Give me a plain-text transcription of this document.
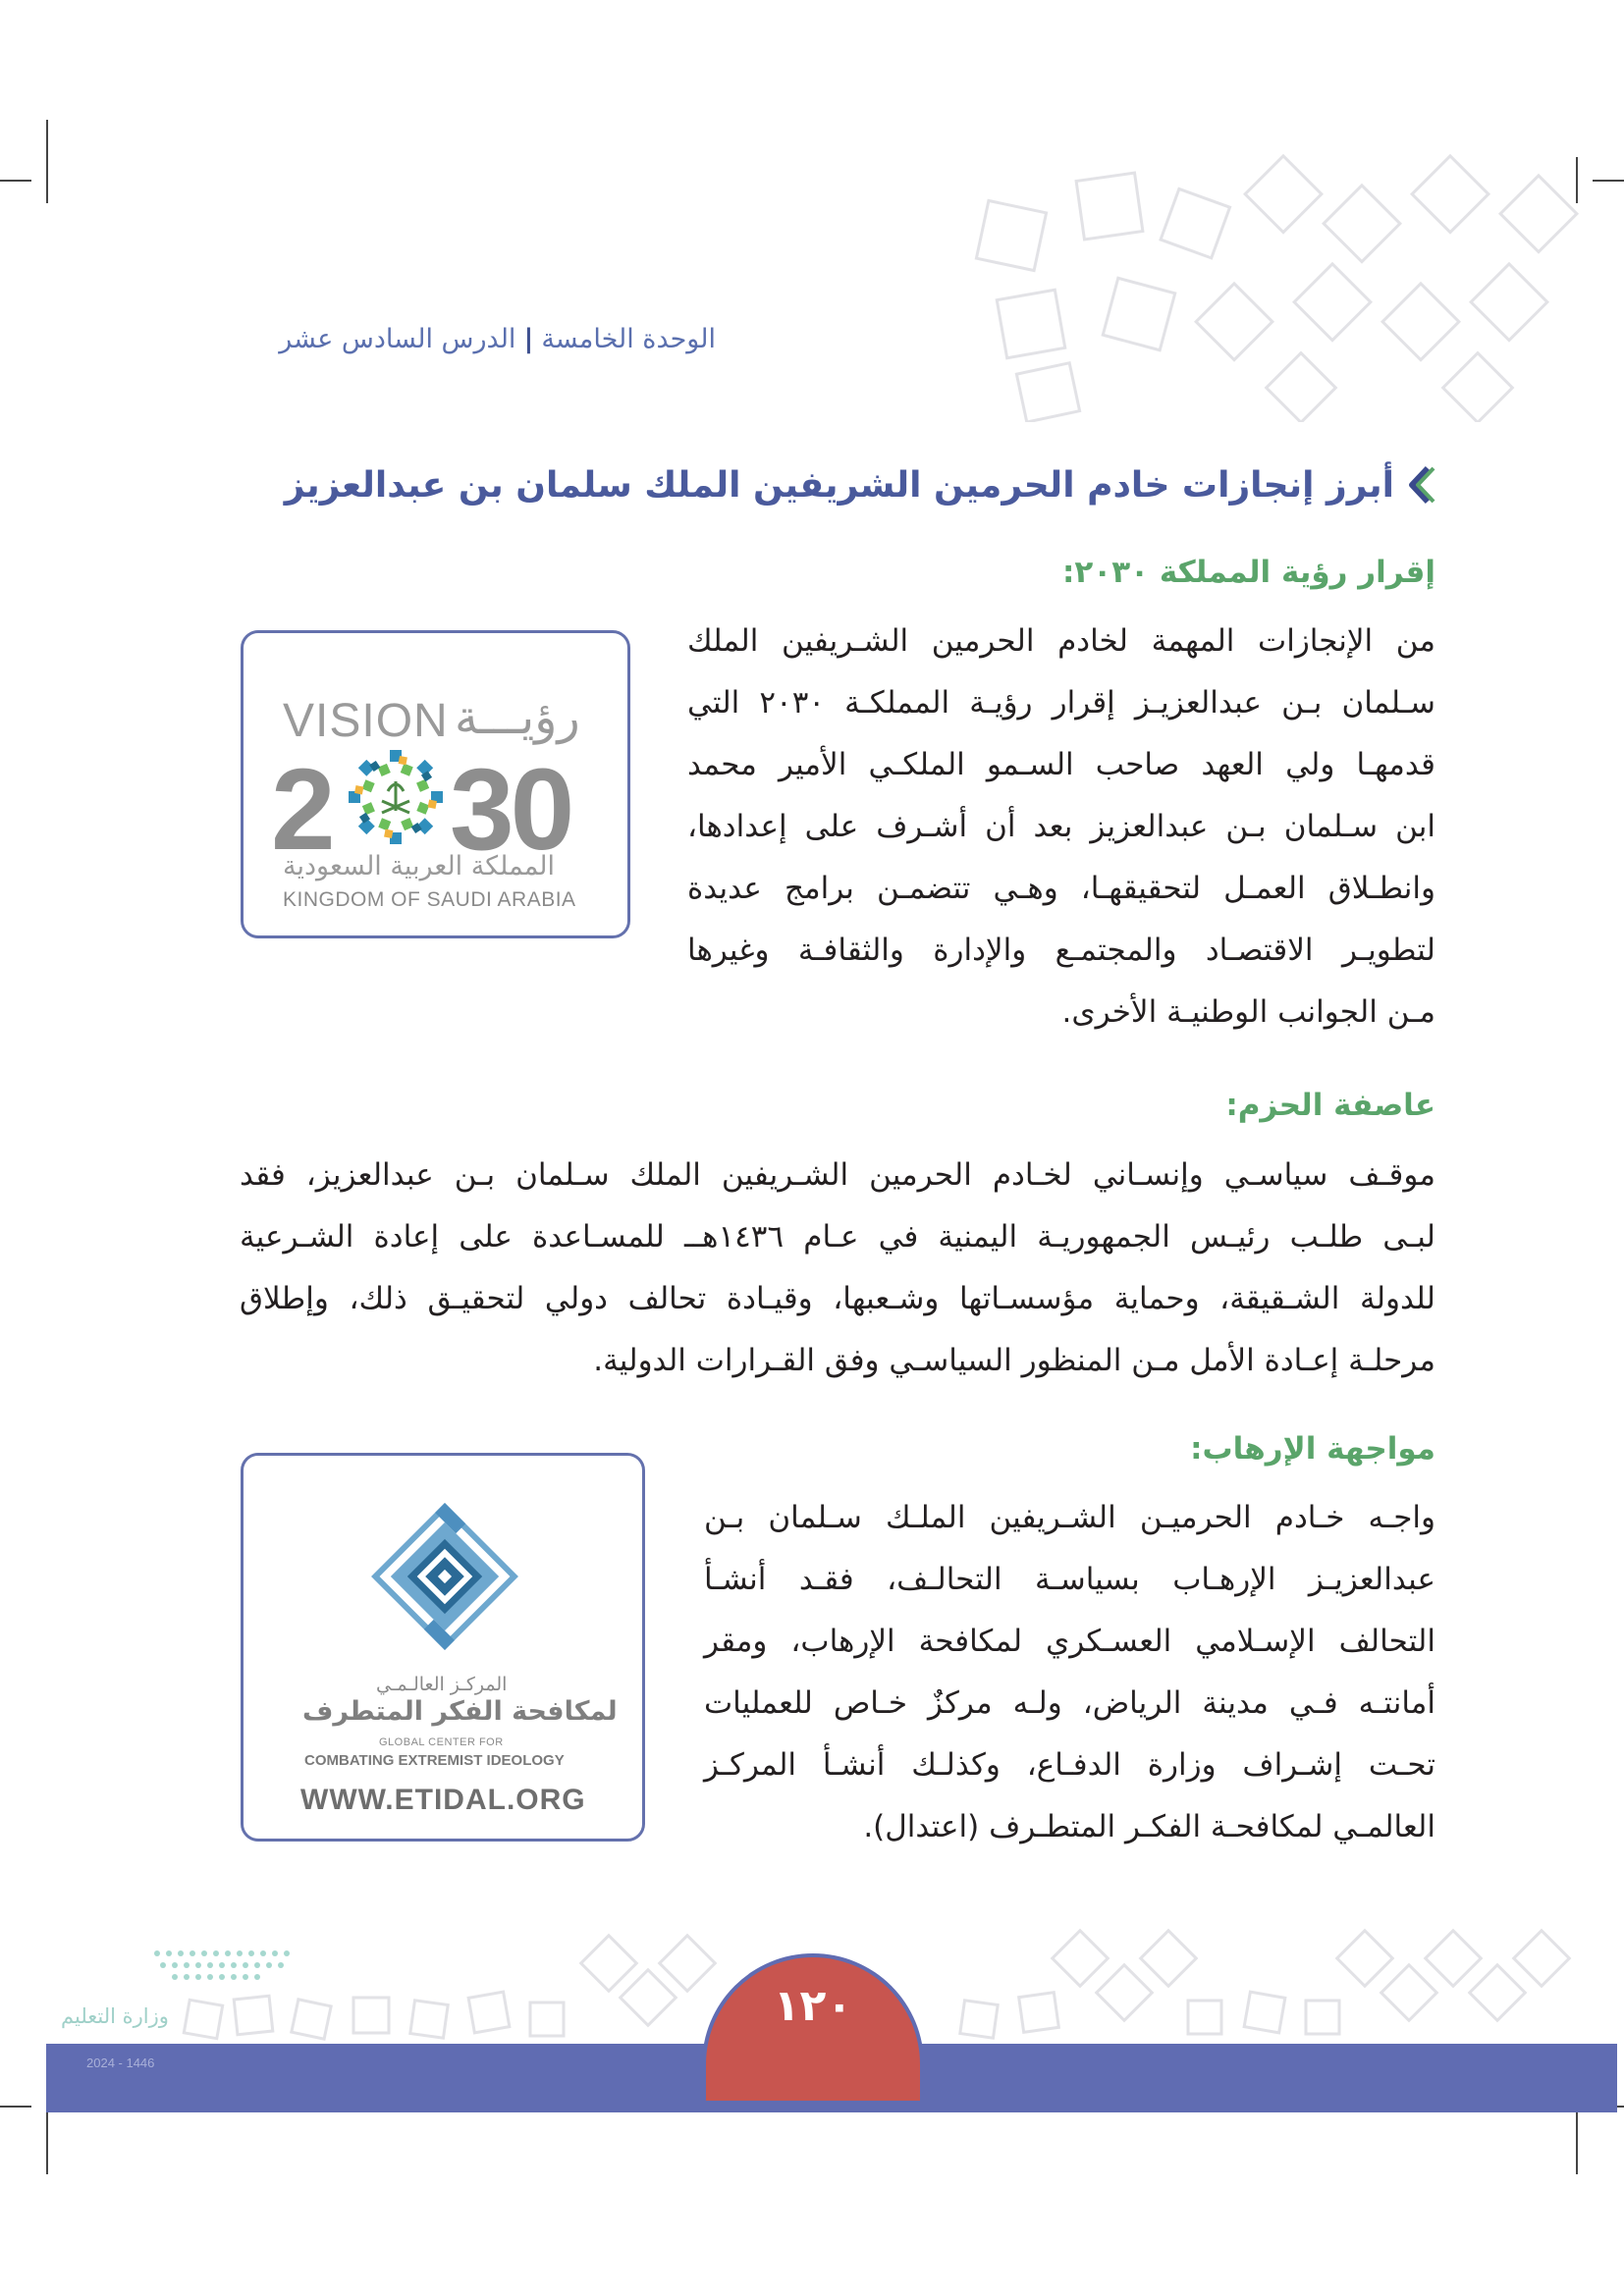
الوحدة الخامسة|الدرس السادس عشر
أبرز إنجازات خادم الحرمين الشريفين الملك سلمان بن عبدالعزيز
إقرار رؤية المملكة ٢٠٣٠:
من الإنجازات المهمة لخادم الحرمين الشـريفين الملك
سـلمان بـن عبدالعزيـز إقرار رؤيـة المملكـة ٢٠٣٠ التي
قدمهـا ولي العهد صاحب السـمو الملكـي الأمير محمد
ابن سـلمان بـن عبدالعزيز بعد أن أشـرف على إعدادها،
وانطـلاق العمـل لتحقيقهـا، وهـي تتضمـن برامج عديدة
لتطويـر الاقتصـاد والمجتمـع والإدارة والثقافـة وغيرها
مـن الجوانب الوطنيـة الأخرى.
VISION رؤيـــة
2 30
المملكة العربية السعودية
KINGDOM OF SAUDI ARABIA
عاصفة الحزم:
موقـف سياسـي وإنسـاني لخـادم الحرمين الشـريفين الملك سـلمان بـن عبدالعزيز، فقد
لبـى طلـب رئيـس الجمهوريـة اليمنية في عـام ١٤٣٦هــ للمسـاعدة على إعادة الشـرعية
للدولة الشـقيقة، وحماية مؤسسـاتها وشـعبها، وقيـادة تحالف دولي لتحقيـق ذلك، وإطلاق
مرحلـة إعـادة الأمل مـن المنظور السياسـي وفق القـرارات الدولية.
مواجهة الإرهاب:
واجـه خـادم الحرميـن الشـريفين الملـك سـلمان بـن
عبدالعزيـز الإرهـاب بسياسـة التحالـف، فقـد أنشـأ
التحالف الإسـلامي العسـكري لمكافحة الإرهاب، ومقر
أمانتـه فـي مدينة الرياض، ولـه مركزٌ خـاص للعمليات
تحـت إشـراف وزارة الدفـاع، وكذلـك أنشـأ المركـز
العالمـي لمكافحـة الفكـر المتطـرف (اعتدال).
المركـز العالـمـي
لمكافحة الفكر المتطرف
GLOBAL CENTER FOR
COMBATING EXTREMIST IDEOLOGY
WWW.ETIDAL.ORG
وزارة التعليم
2024 - 1446
١٢٠
